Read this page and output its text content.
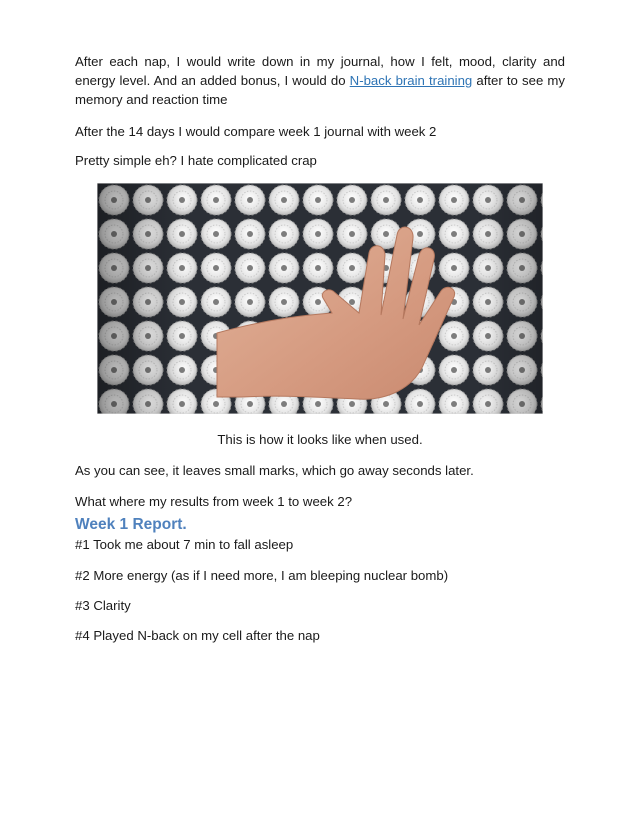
After each nap, I would write down in my journal, how I felt, mood, clarity and energy level. And an added bonus, I would do N-back brain training after to see my memory and reaction time

After the 14 days I would compare week 1 journal with week 2

Pretty simple eh? I hate complicated crap

This is how it looks like when used.

As you can see, it leaves small marks, which go away seconds later.

What where my results from week 1 to week 2?

Week 1 Report.

#1 Took me about 7 min to fall asleep

#2 More energy (as if I need more, I am bleeping nuclear bomb)

#3 Clarity

#4 Played N-back on my cell after the nap
